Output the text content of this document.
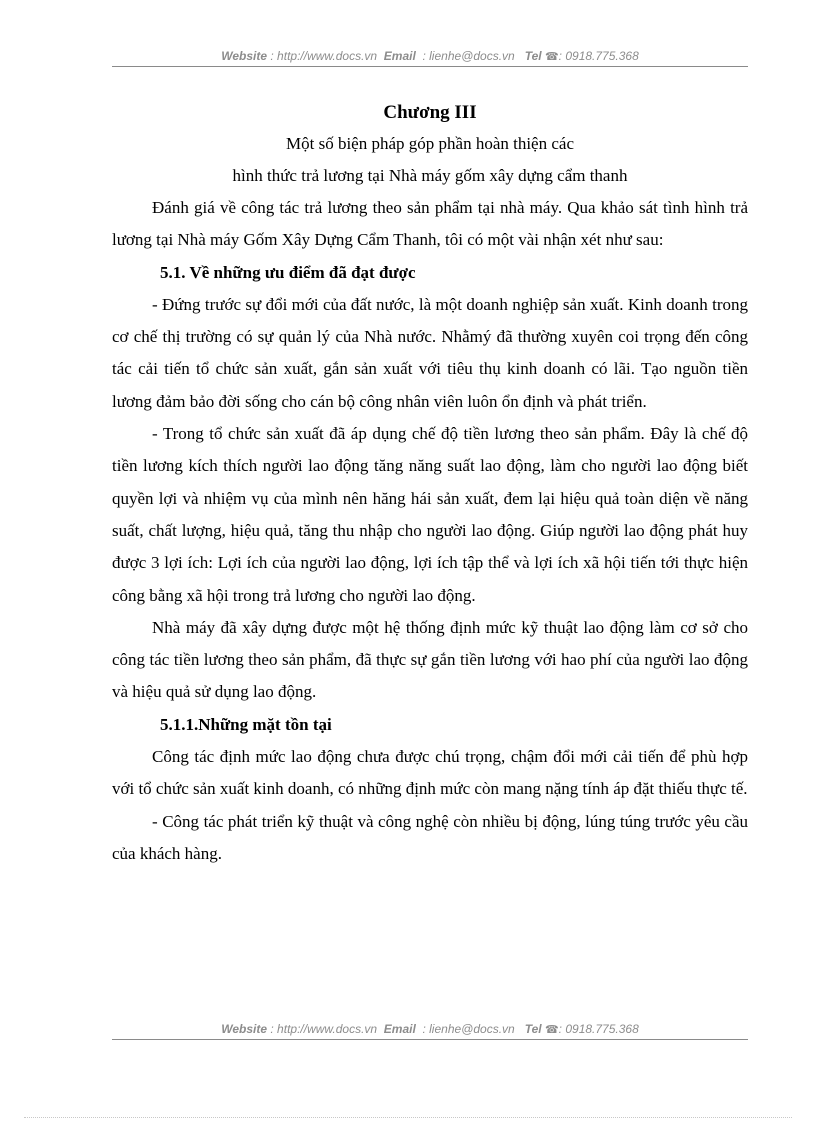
Website : http://www.docs.vn Email : lienhe@docs.vn Tel ☎: 0918.775.368

Chương III

Một số biện pháp góp phần hoàn thiện các

hình thức trả lương tại Nhà máy gốm xây dựng cẩm thanh

Đánh giá về công tác trả lương theo sản phẩm tại nhà máy. Qua khảo sát tình hình trả lương tại Nhà máy Gốm Xây Dựng Cẩm Thanh, tôi có một vài nhận xét như sau:

5.1. Về những ưu điểm đã đạt được

- Đứng trước sự đổi mới của đất nước, là một doanh nghiệp sản xuất. Kinh doanh trong cơ chế thị trường có sự quản lý của Nhà nước. Nhằmý đã thường xuyên coi trọng đến công tác cải tiến tổ chức sản xuất, gắn sản xuất với tiêu thụ kinh doanh có lãi. Tạo nguồn tiền lương đảm bảo đời sống cho cán bộ công nhân viên luôn ổn định và phát triển.

- Trong tổ chức sản xuất đã áp dụng chế độ tiền lương theo sản phẩm. Đây là chế độ tiền lương kích thích người lao động tăng năng suất lao động, làm cho người lao động biết quyền lợi và nhiệm vụ của mình nên hăng hái sản xuất, đem lại hiệu quả toàn diện về năng suất, chất lượng, hiệu quả, tăng thu nhập cho người lao động. Giúp người lao động phát huy được 3 lợi ích: Lợi ích của người lao động, lợi ích tập thể và lợi ích xã hội tiến tới thực hiện công bằng xã hội trong trả lương cho người lao động.

Nhà máy đã xây dựng được một hệ thống định mức kỹ thuật lao động làm cơ sở cho công tác tiền lương theo sản phẩm, đã thực sự gắn tiền lương với hao phí của người lao động và hiệu quả sử dụng lao động.

5.1.1.Những mặt tồn tại

Công tác định mức lao động chưa được chú trọng, chậm đổi mới cải tiến để phù hợp với tổ chức sản xuất kinh doanh, có những định mức còn mang nặng tính áp đặt thiếu thực tế.

- Công tác phát triển kỹ thuật và công nghệ còn nhiều bị động, lúng túng trước yêu cầu của khách hàng.

Website : http://www.docs.vn Email : lienhe@docs.vn Tel ☎: 0918.775.368
